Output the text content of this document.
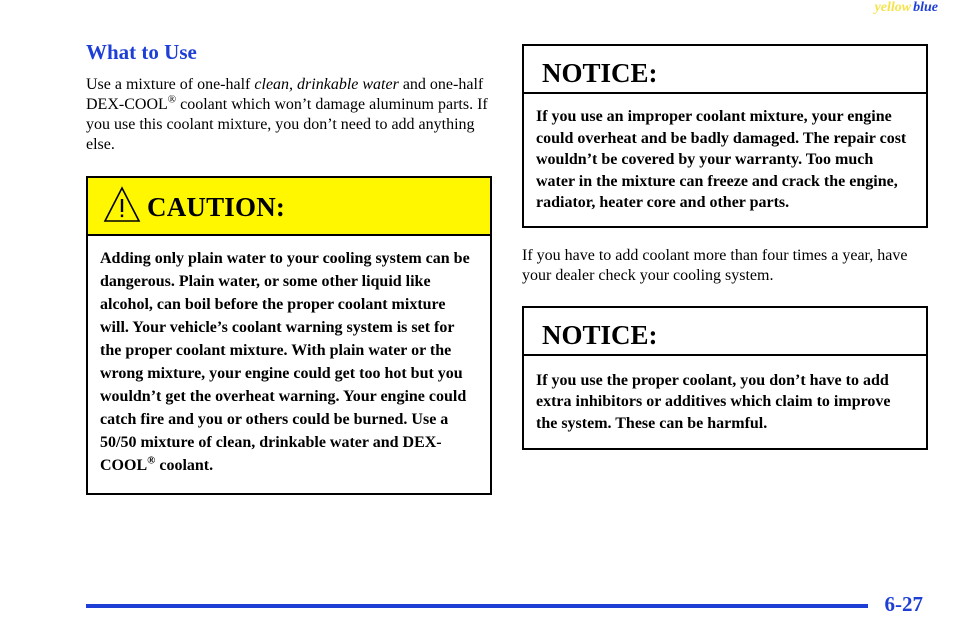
yellow blue
What to Use

Use a mixture of one-half clean, drinkable water and one-half DEX-COOL® coolant which won’t damage aluminum parts. If you use this coolant mixture, you don’t need to add anything else.

CAUTION:
Adding only plain water to your cooling system can be dangerous. Plain water, or some other liquid like alcohol, can boil before the proper coolant mixture will. Your vehicle’s coolant warning system is set for the proper coolant mixture. With plain water or the wrong mixture, your engine could get too hot but you wouldn’t get the overheat warning. Your engine could catch fire and you or others could be burned. Use a 50/50 mixture of clean, drinkable water and DEX-COOL® coolant.
NOTICE:
If you use an improper coolant mixture, your engine could overheat and be badly damaged. The repair cost wouldn’t be covered by your warranty. Too much water in the mixture can freeze and crack the engine, radiator, heater core and other parts.

If you have to add coolant more than four times a year, have your dealer check your cooling system.

NOTICE:
If you use the proper coolant, you don’t have to add extra inhibitors or additives which claim to improve the system. These can be harmful.
6-27
